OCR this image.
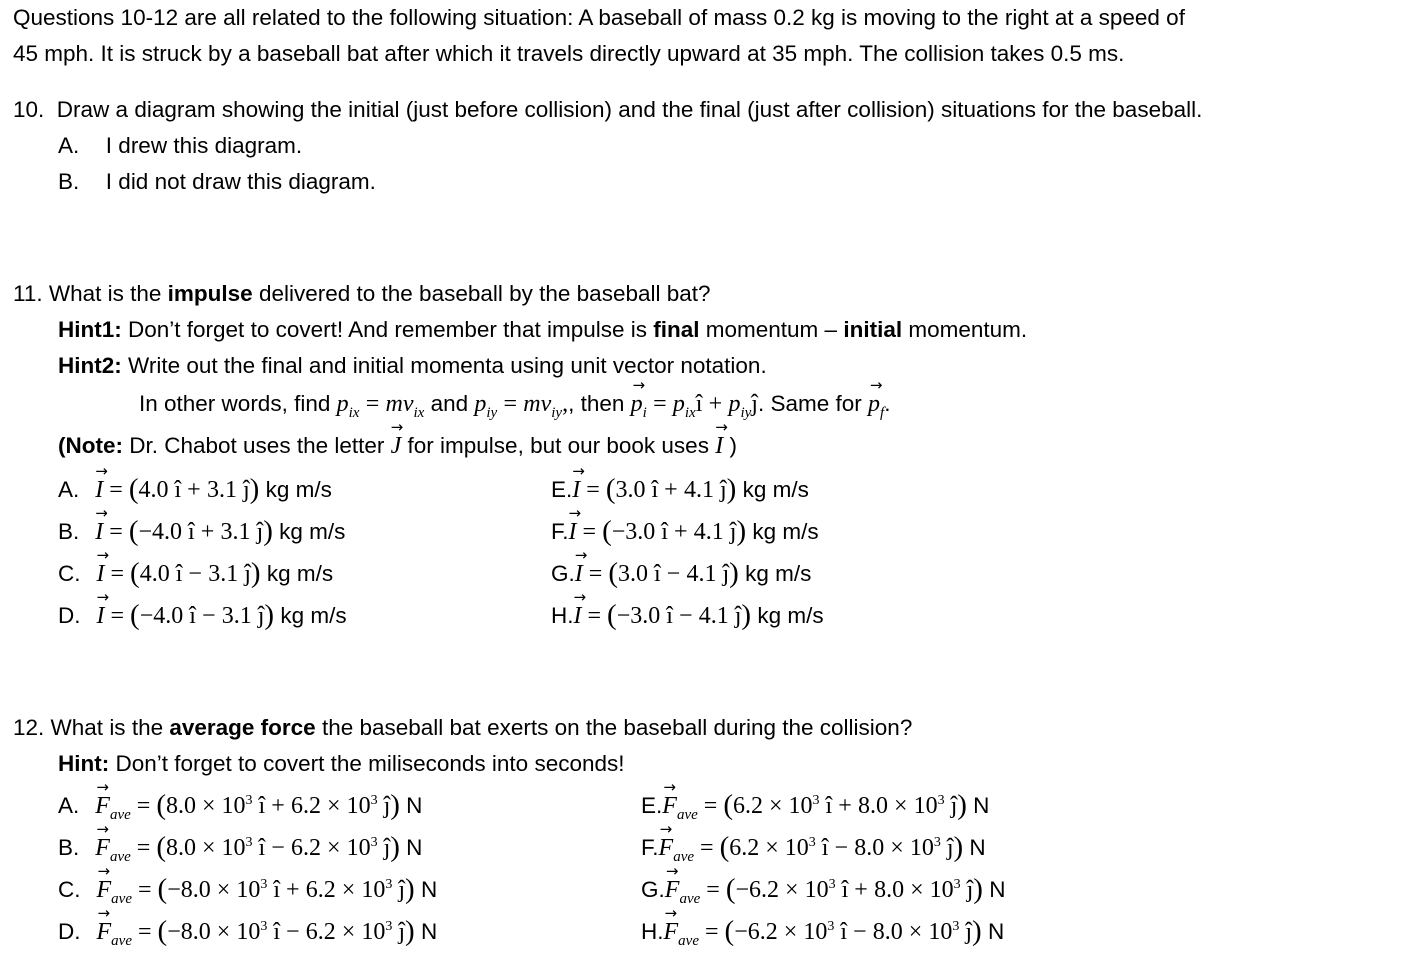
Questions 10-12 are all related to the following situation: A baseball of mass 0.2 kg is moving to the right at a speed of
45 mph. It is struck by a baseball bat after which it travels directly upward at 35 mph. The collision takes 0.5 ms.
10. Draw a diagram showing the initial (just before collision) and the final (just after collision) situations for the baseball.
A. I drew this diagram.
B. I did not draw this diagram.
11. What is the impulse delivered to the baseball by the baseball bat?
Hint1: Don’t forget to covert! And remember that impulse is final momentum – initial momentum.
Hint2: Write out the final and initial momenta using unit vector notation.
In other words, find $p_{ix} = mv_{ix}$ and $p_{iy} = mv_{iy}$,, then $p_i$ → = $p_{ix}î$ + $p_{iy}ĵ$. Same for $p_f$ →.
(Note: Dr. Chabot uses the letter J → for impulse, but our book uses I → )
A. I → = (4.0 î + 3.1 ĵ) kg m/s
B. I → = (−4.0 î + 3.1 ĵ) kg m/s
C. I → = (4.0 î − 3.1 ĵ) kg m/s
D. I → = (−4.0 î − 3.1 ĵ) kg m/s
E.I → = (3.0 î + 4.1 ĵ) kg m/s
F.I → = (−3.0 î + 4.1 ĵ) kg m/s
G.I → = (3.0 î − 4.1 ĵ) kg m/s
H.I → = (−3.0 î − 4.1 ĵ) kg m/s
12. What is the average force the baseball bat exerts on the baseball during the collision?
Hint: Don’t forget to covert the miliseconds into seconds!
A. $F \to_{ave} = (8.0 \times 10^3$ î + $6.2 \times 10^3$ ĵ) N
B. $F \to_{ave} = (8.0 \times 10^3$ î − $6.2 \times 10^3$ ĵ) N
C. $F \to_{ave} = (-8.0 \times 10^3$ î + $6.2 \times 10^3$ ĵ) N
D. $F \to_{ave} = (-8.0 \times 10^3$ î − $6.2 \times 10^3$ ĵ) N
$E.F \to_{ave} = (6.2 \times 10^3$ î + $8.0 \times 10^3$ ĵ) N
$F.F \to_{ave} = (6.2 \times 10^3$ î − $8.0 \times 10^3$ ĵ) N
$G.F \to_{ave} = (-6.2 \times 10^3$ î + $8.0 \times 10^3$ ĵ) N
$H.F \to_{ave} = (-6.2 \times 10^3$ î − $8.0 \times 10^3$ ĵ) N
